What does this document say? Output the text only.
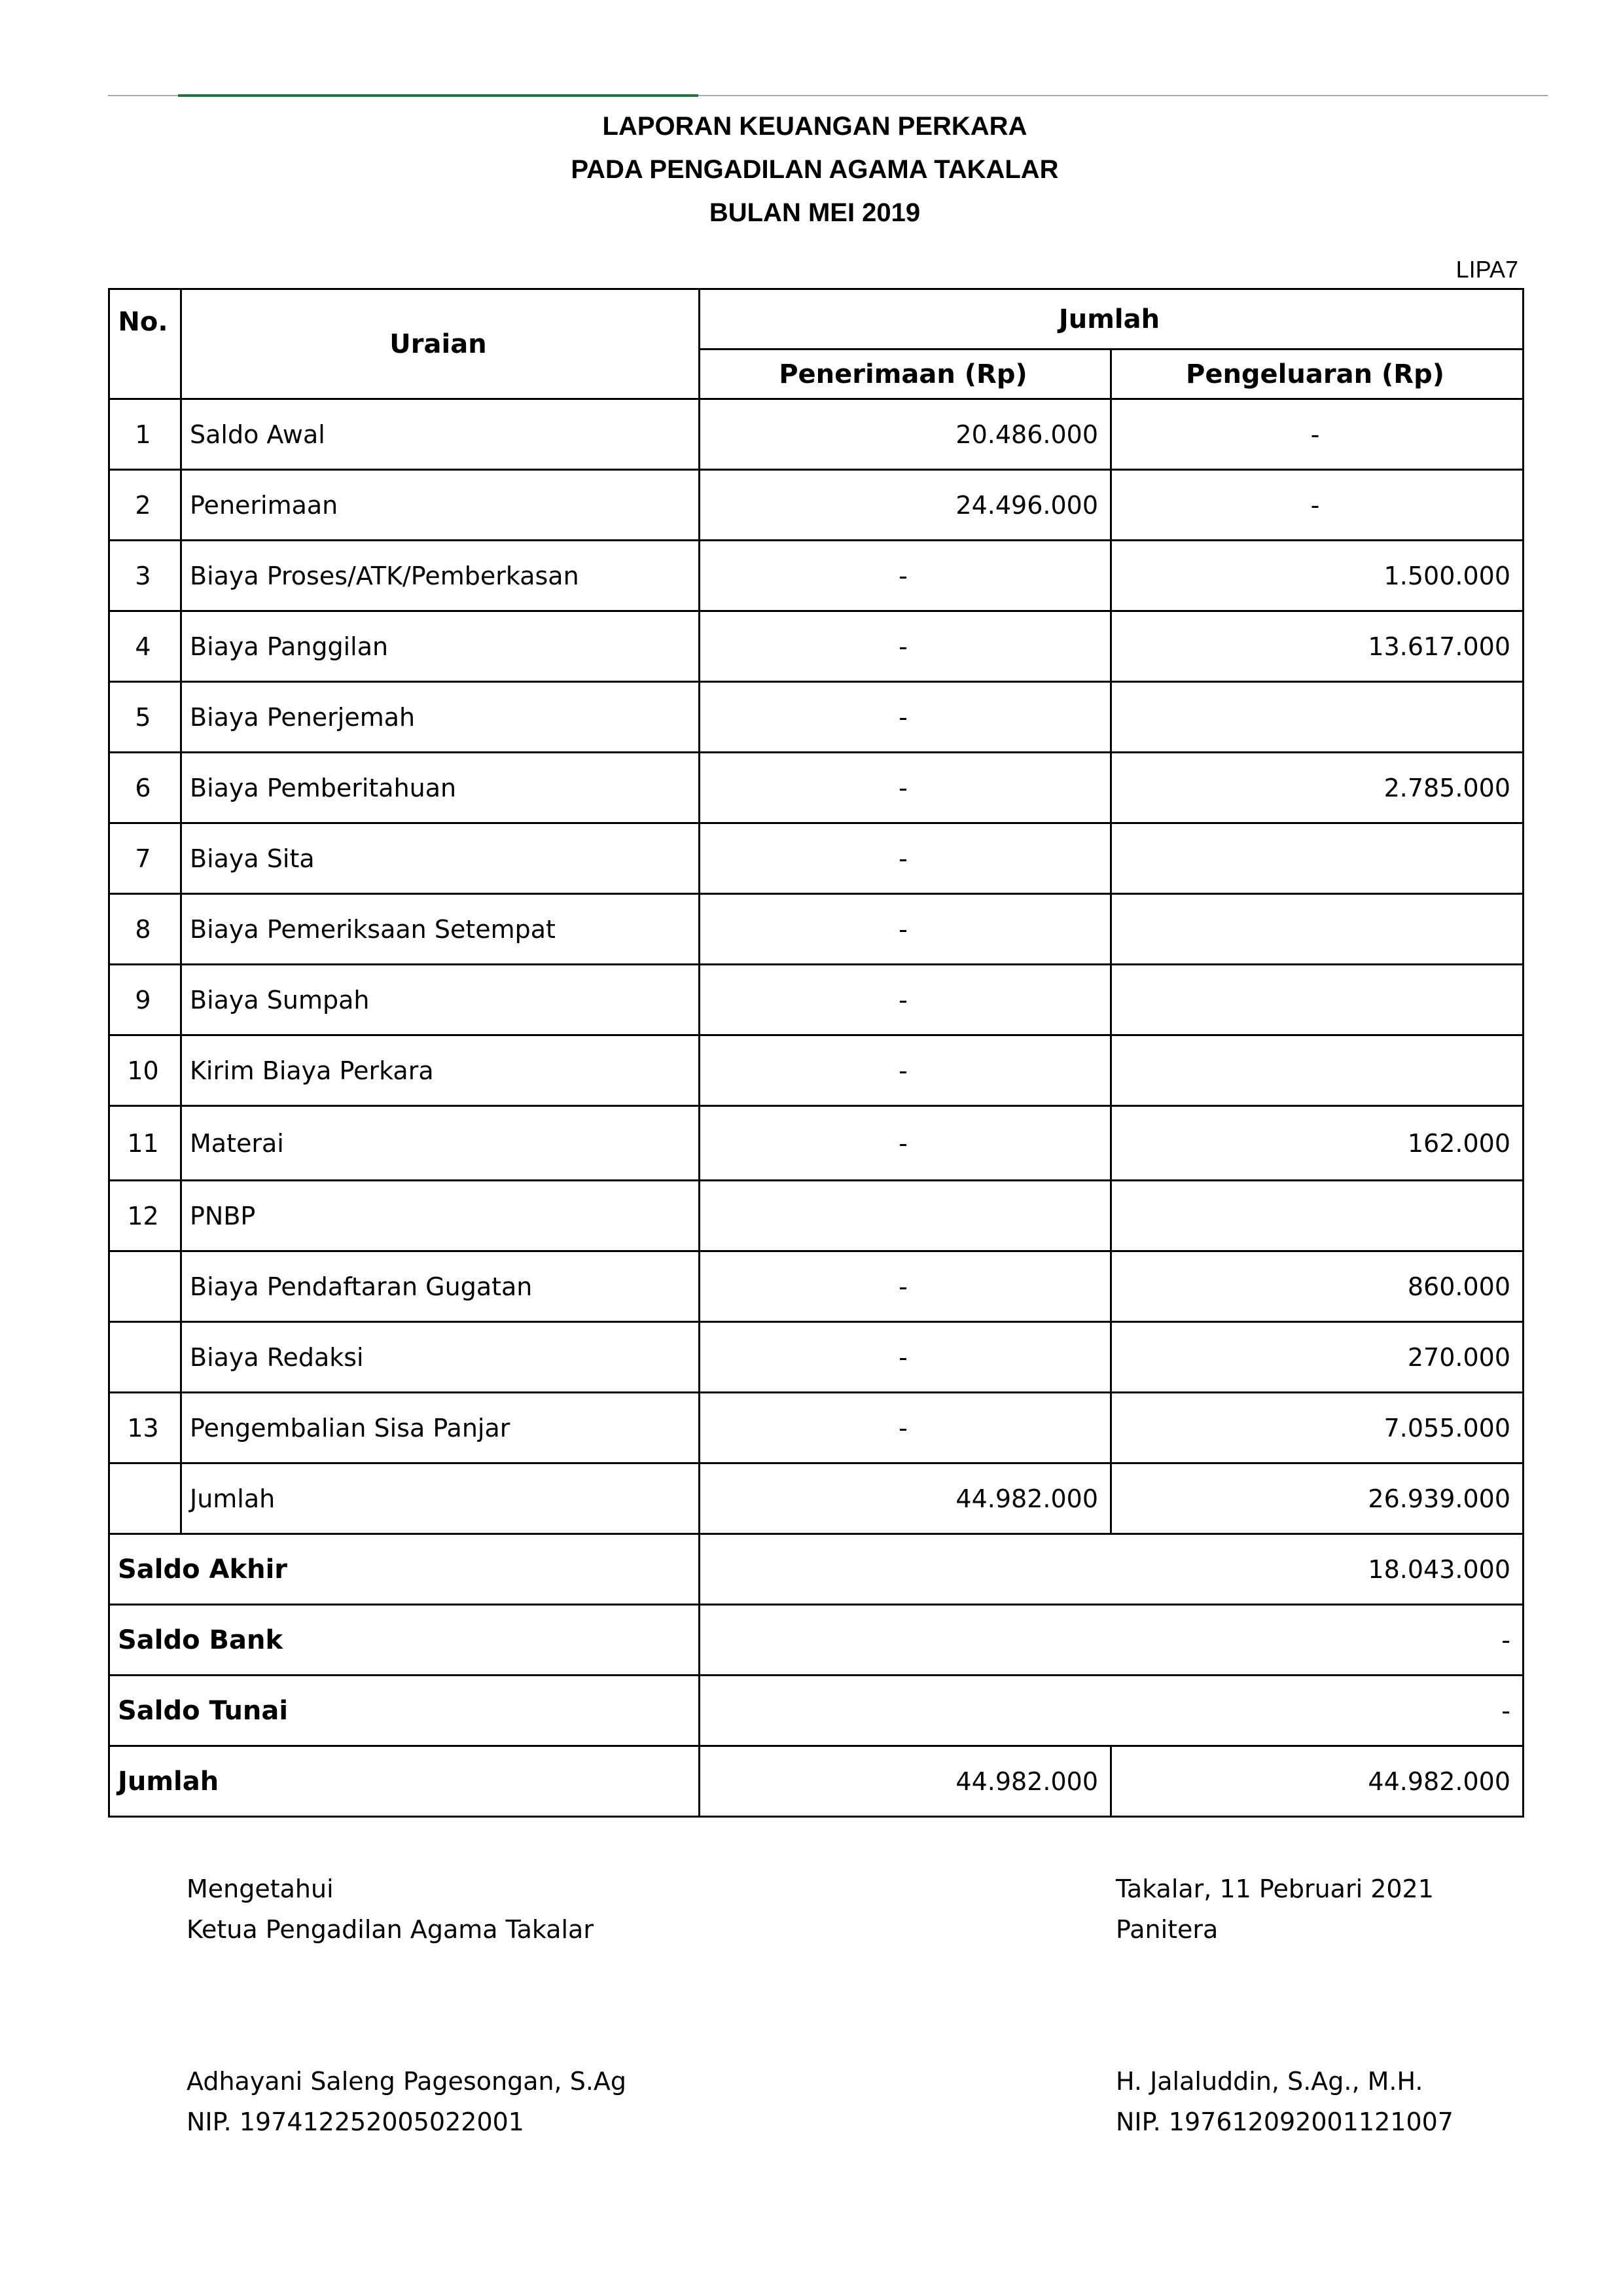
LAPORAN KEUANGAN PERKARA
PADA PENGADILAN AGAMA TAKALAR
BULAN MEI 2019
LIPA7
No.	Uraian	Jumlah	
		Penerimaan (Rp)	Pengeluaran (Rp)
1	Saldo Awal	20.486.000	-
2	Penerimaan	24.496.000	-
3	Biaya Proses/ATK/Pemberkasan	-	1.500.000
4	Biaya Panggilan	-	13.617.000
5	Biaya Penerjemah	-	
6	Biaya Pemberitahuan	-	2.785.000
7	Biaya Sita	-	
8	Biaya Pemeriksaan Setempat	-	
9	Biaya Sumpah	-	
10	Kirim Biaya Perkara	-	
11	Materai	-	162.000
12	PNBP		
	Biaya Pendaftaran Gugatan	-	860.000
	Biaya Redaksi	-	270.000
13	Pengembalian Sisa Panjar	-	7.055.000
	Jumlah	44.982.000	26.939.000
Saldo Akhir		18.043.000	
Saldo Bank		-	
Saldo Tunai		-	
Jumlah		44.982.000	44.982.000
Mengetahui
Ketua Pengadilan Agama Takalar
Adhayani Saleng Pagesongan, S.Ag
NIP. 197412252005022001
Takalar, 11 Pebruari 2021
Panitera
H. Jalaluddin, S.Ag., M.H.
NIP. 197612092001121007
